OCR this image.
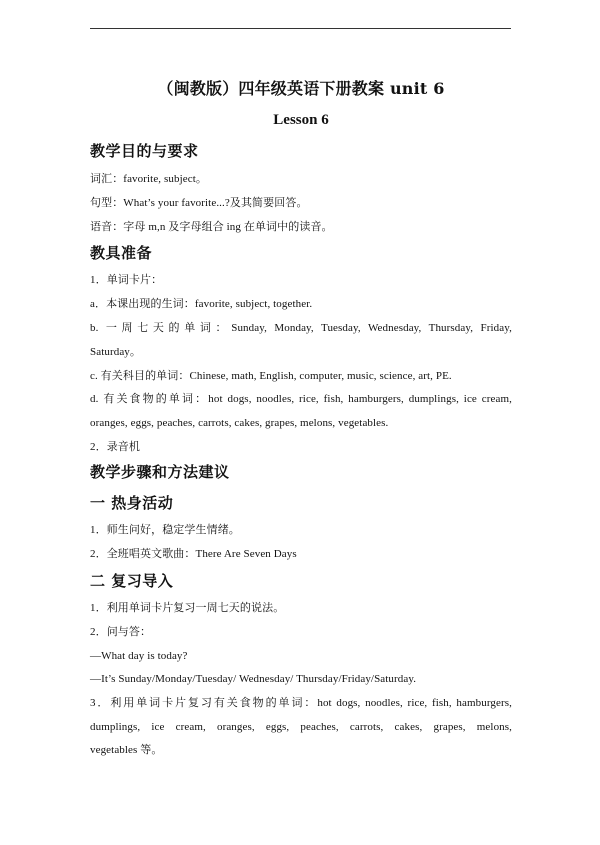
（闽教版）四年级英语下册教案 unit 6
Lesson 6
教学目的与要求
词汇：favorite, subject。
句型：What’s your favorite...?及其简要回答。
语音：字母 m,n 及字母组合 ing 在单词中的读音。
教具准备
1．单词卡片：
a．本课出现的生词：favorite, subject, together.
b. 一周七天的单词：Sunday, Monday, Tuesday, Wednesday, Thursday, Friday,
Saturday。
c. 有关科目的单词：Chinese, math, English, computer, music, science, art, PE.
d. 有关食物的单词：hot dogs, noodles, rice, fish, hamburgers, dumplings, ice cream,
oranges, eggs, peaches, carrots, cakes, grapes, melons, vegetables.
2．录音机
教学步骤和方法建议
一 热身活动
1．师生问好，稳定学生情绪。
2．全班唱英文歌曲：There Are Seven Days
二 复习导入
1．利用单词卡片复习一周七天的说法。
2．问与答：
—What day is today?
—It’s Sunday/Monday/Tuesday/ Wednesday/ Thursday/Friday/Saturday.
3．利用单词卡片复习有关食物的单词：hot dogs, noodles, rice, fish, hamburgers,
dumplings, ice cream, oranges, eggs, peaches, carrots, cakes, grapes, melons,
vegetables 等。
